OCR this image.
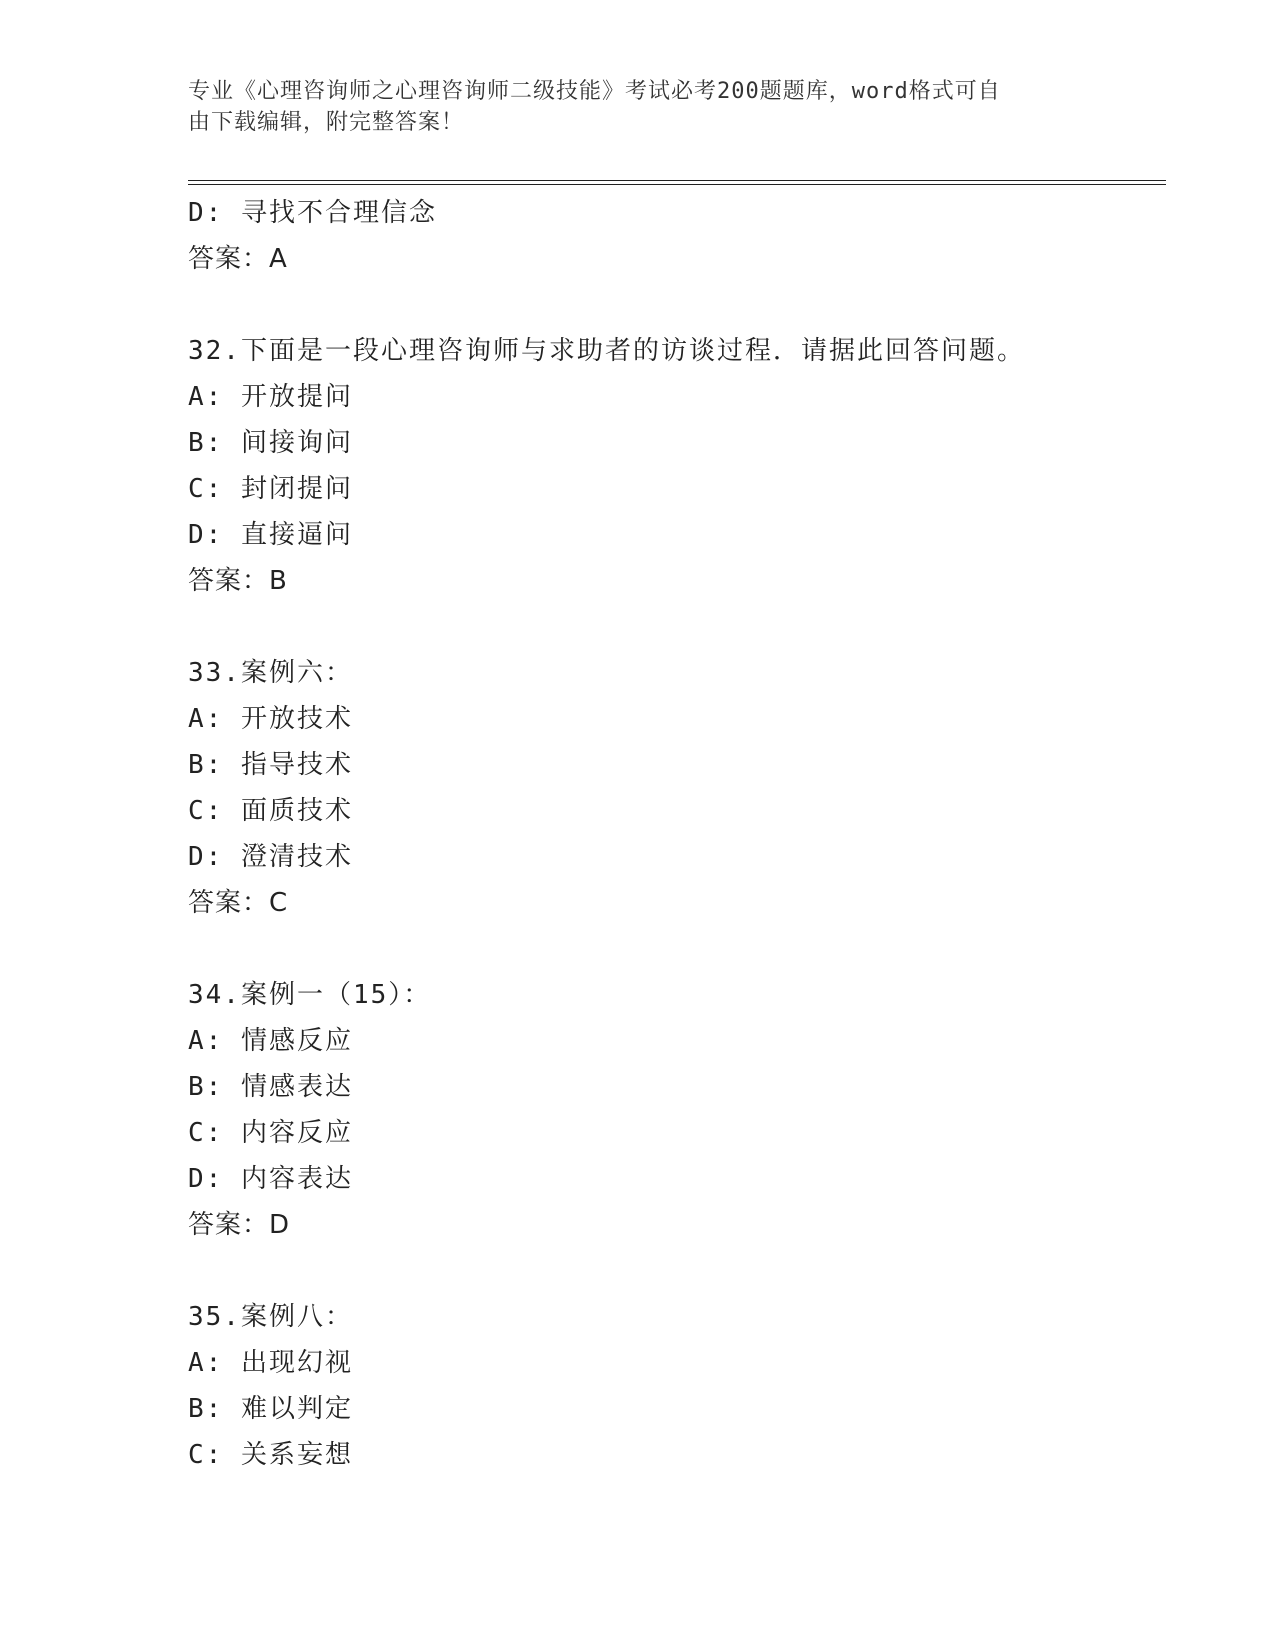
专业《心理咨询师之心理咨询师二级技能》考试必考200题题库，word格式可自
由下载编辑，附完整答案！
D: 寻找不合理信念
答案：A
32.下面是一段心理咨询师与求助者的访谈过程．请据此回答问题。
A: 开放提问
B: 间接询问
C: 封闭提问
D: 直接逼问
答案：B
33.案例六：
A: 开放技术
B: 指导技术
C: 面质技术
D: 澄清技术
答案：C
34.案例一（15）：
A: 情感反应
B: 情感表达
C: 内容反应
D: 内容表达
答案：D
35.案例八：
A: 出现幻视
B: 难以判定
C: 关系妄想
